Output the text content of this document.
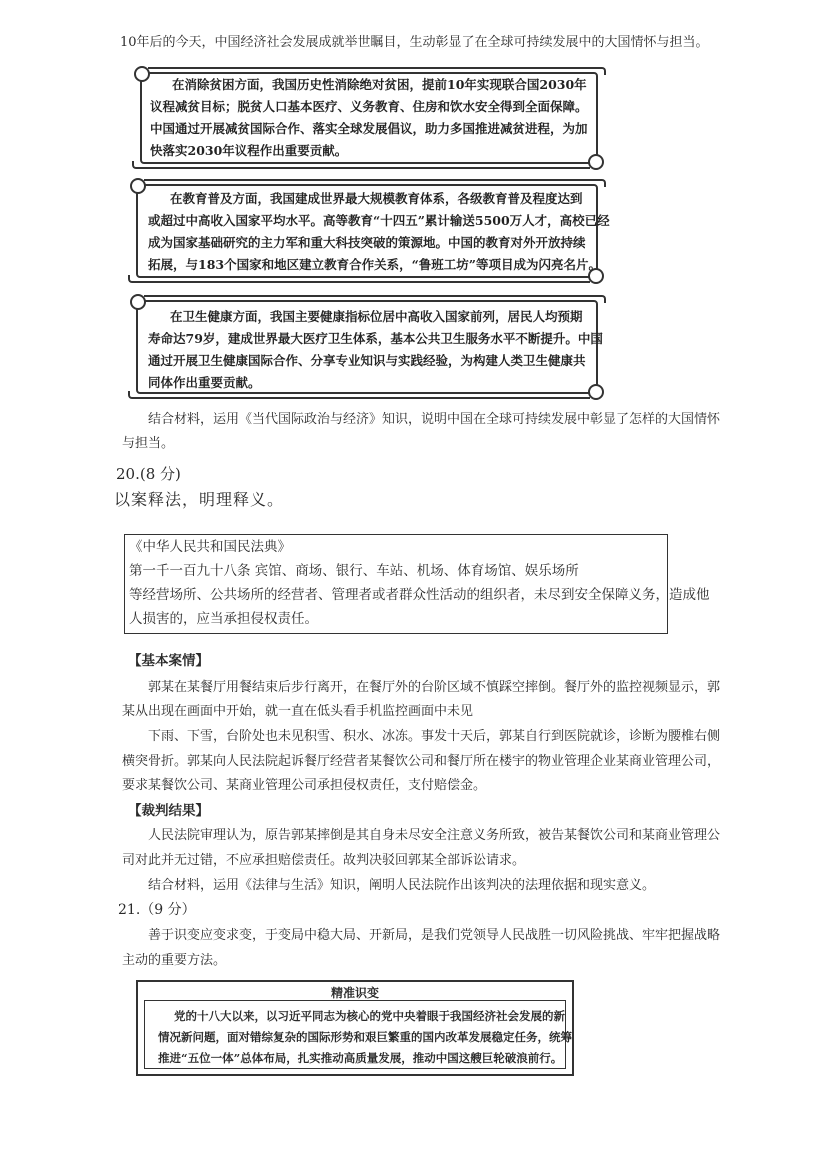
10年后的今天，中国经济社会发展成就举世瞩目，生动彰显了在全球可持续发展中的大国情怀与担当。
在消除贫困方面，我国历史性消除绝对贫困，提前10年实现联合国2030年
议程减贫目标；脱贫人口基本医疗、义务教育、住房和饮水安全得到全面保障。
中国通过开展减贫国际合作、落实全球发展倡议，助力多国推进减贫进程，为加
快落实2030年议程作出重要贡献。
在教育普及方面，我国建成世界最大规模教育体系，各级教育普及程度达到
或超过中高收入国家平均水平。高等教育“十四五”累计输送5500万人才，高校已经
成为国家基础研究的主力军和重大科技突破的策源地。中国的教育对外开放持续
拓展，与183个国家和地区建立教育合作关系，“鲁班工坊”等项目成为闪亮名片。
在卫生健康方面，我国主要健康指标位居中高收入国家前列，居民人均预期
寿命达79岁，建成世界最大医疗卫生体系，基本公共卫生服务水平不断提升。中国
通过开展卫生健康国际合作、分享专业知识与实践经验，为构建人类卫生健康共
同体作出重要贡献。
结合材料，运用《当代国际政治与经济》知识，说明中国在全球可持续发展中彰显了怎样的大国情怀
与担当。
20.(8 分)
以案释法，明理释义。
《中华人民共和国民法典》
第一千一百九十八条 宾馆、商场、银行、车站、机场、体育场馆、娱乐场所
等经营场所、公共场所的经营者、管理者或者群众性活动的组织者，未尽到安全保障义务，造成他
人损害的，应当承担侵权责任。
【基本案情】
郭某在某餐厅用餐结束后步行离开，在餐厅外的台阶区域不慎踩空摔倒。餐厅外的监控视频显示，郭
某从出现在画面中开始，就一直在低头看手机监控画面中未见
下雨、下雪，台阶处也未见积雪、积水、冰冻。事发十天后，郭某自行到医院就诊，诊断为腰椎右侧
横突骨折。郭某向人民法院起诉餐厅经营者某餐饮公司和餐厅所在楼宇的物业管理企业某商业管理公司，
要求某餐饮公司、某商业管理公司承担侵权责任，支付赔偿金。
【裁判结果】
人民法院审理认为，原告郭某摔倒是其自身未尽安全注意义务所致，被告某餐饮公司和某商业管理公
司对此并无过错，不应承担赔偿责任。故判决驳回郭某全部诉讼请求。
结合材料，运用《法律与生活》知识，阐明人民法院作出该判决的法理依据和现实意义。
21.（9 分）
善于识变应变求变，于变局中稳大局、开新局，是我们党领导人民战胜一切风险挑战、牢牢把握战略
主动的重要方法。
精准识变
党的十八大以来，以习近平同志为核心的党中央着眼于我国经济社会发展的新
情况新问题，面对错综复杂的国际形势和艰巨繁重的国内改革发展稳定任务，统筹
推进“五位一体”总体布局，扎实推动高质量发展，推动中国这艘巨轮破浪前行。
